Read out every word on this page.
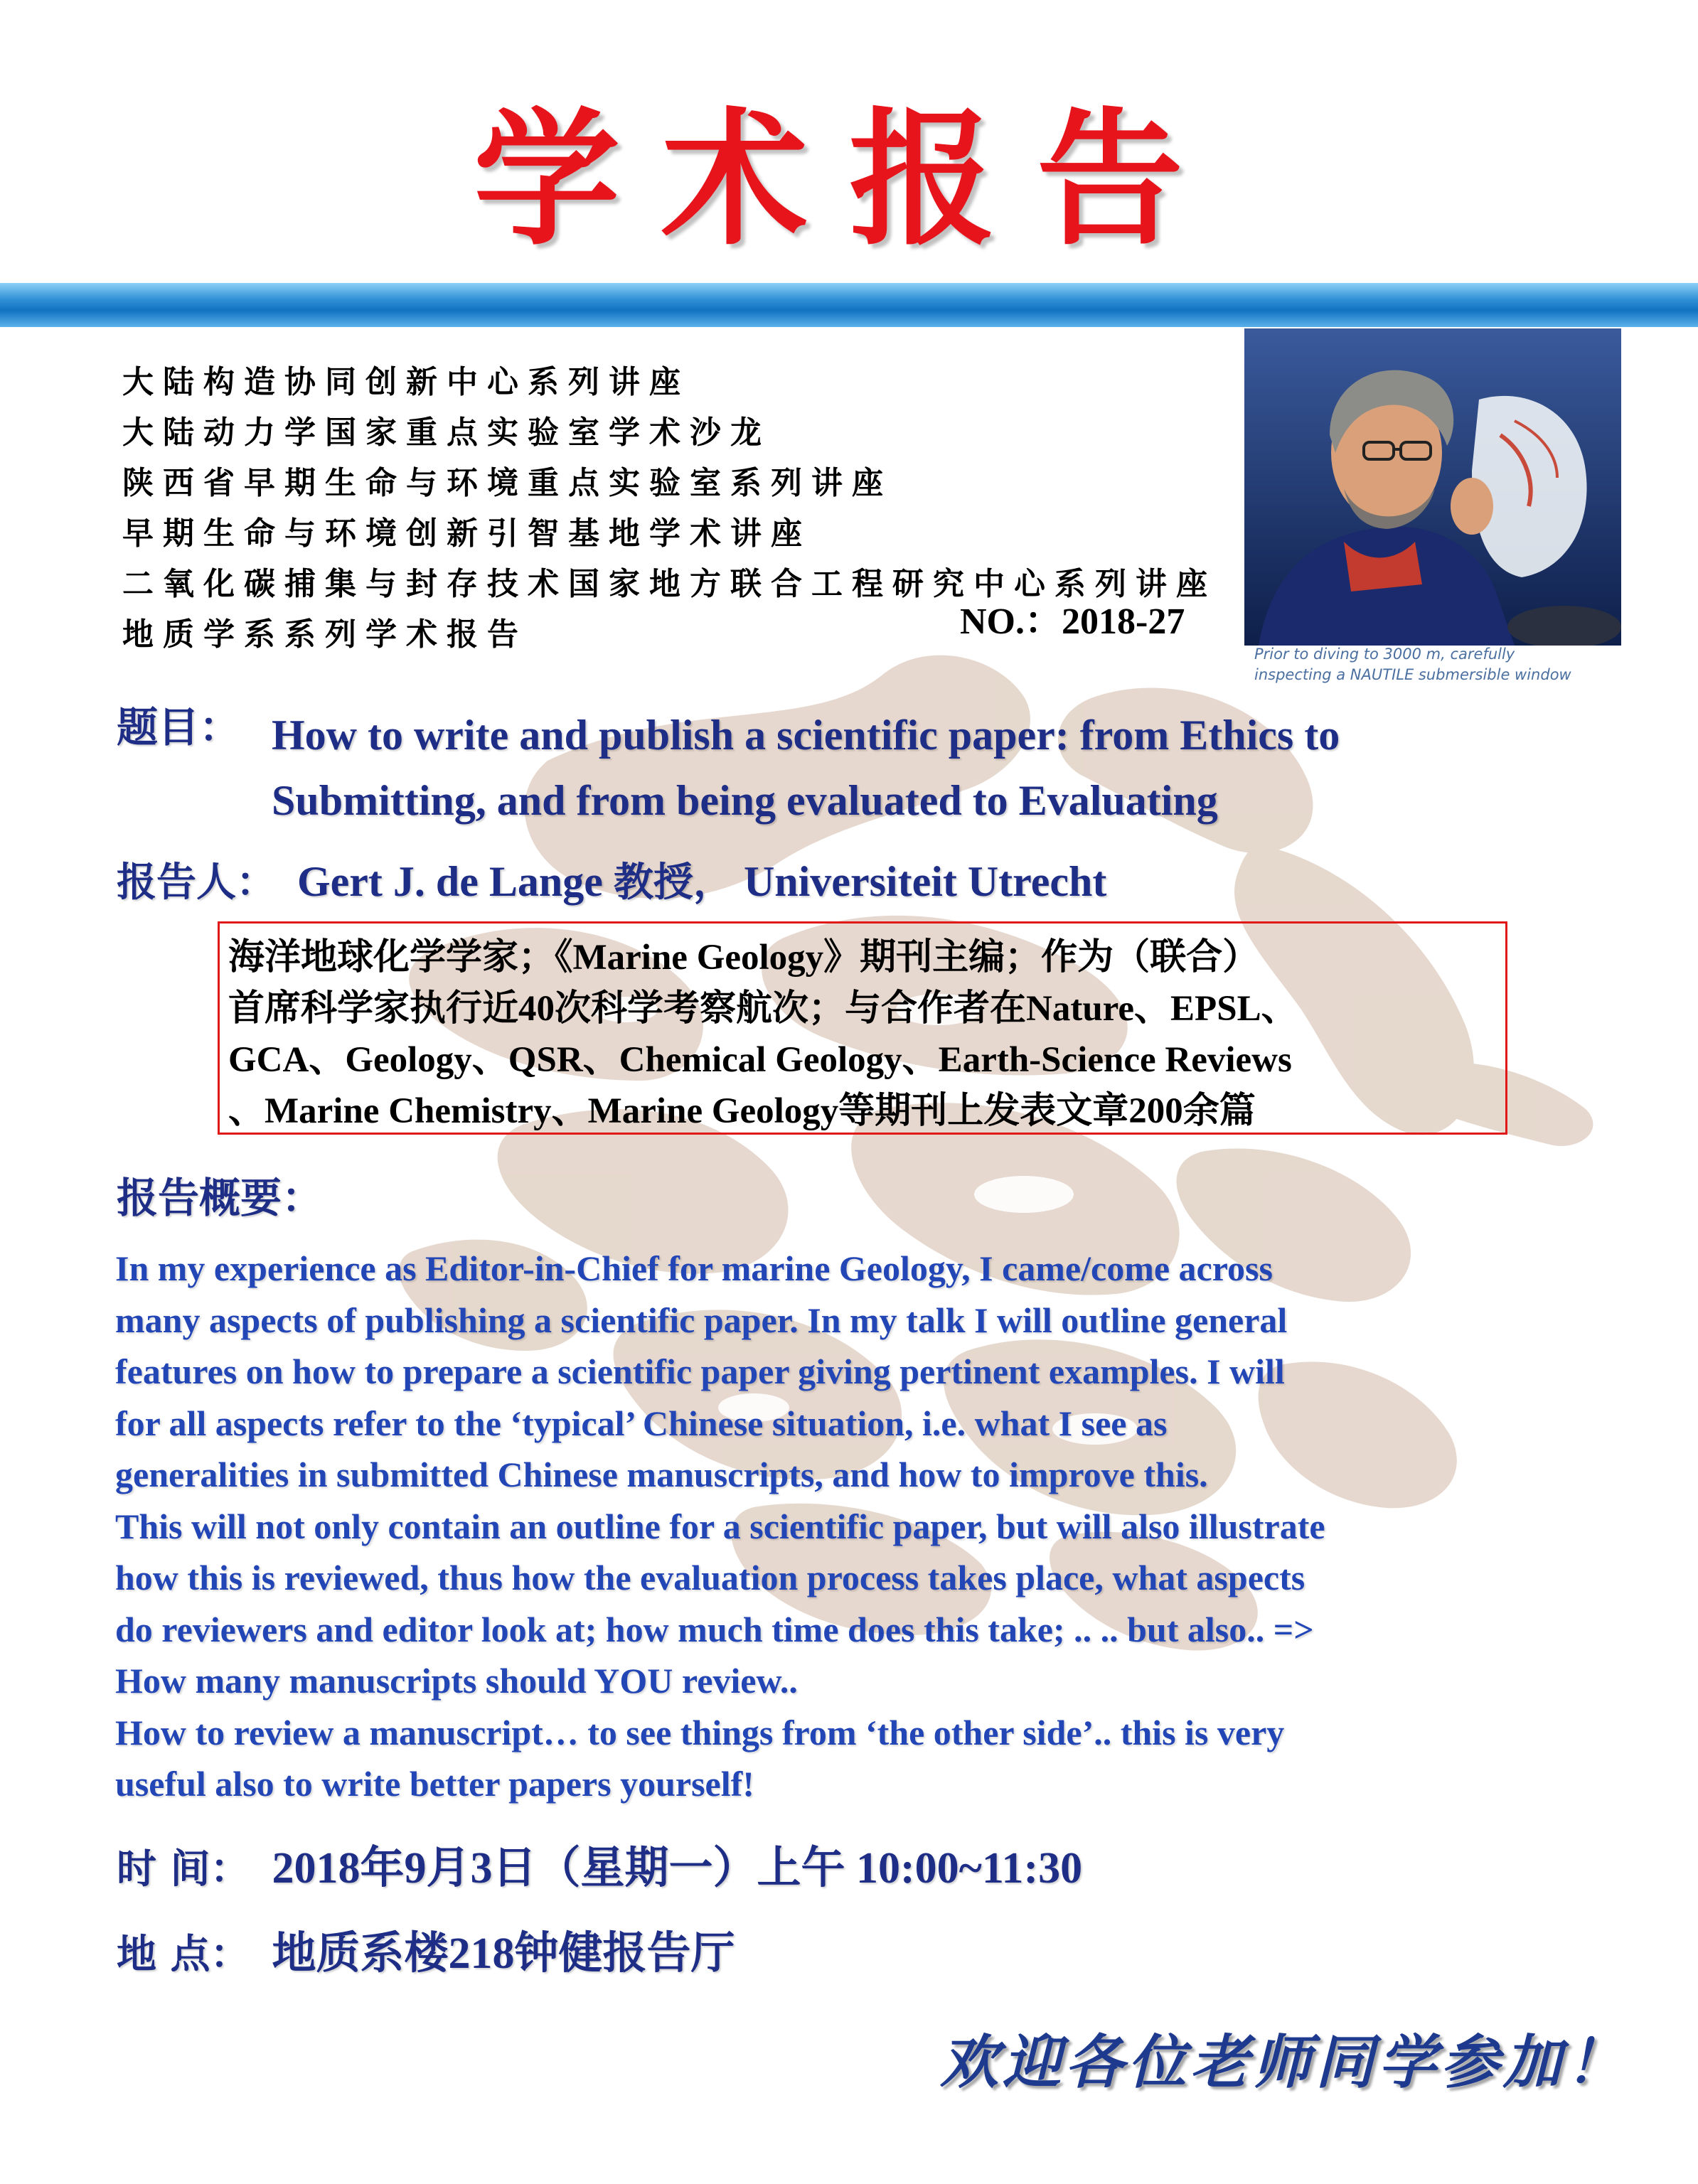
学术报告
大陆构造协同创新中心系列讲座
大陆动力学国家重点实验室学术沙龙
陕西省早期生命与环境重点实验室系列讲座
早期生命与环境创新引智基地学术讲座
二氧化碳捕集与封存技术国家地方联合工程研究中心系列讲座
地质学系系列学术报告	NO.：2018-27
Prior to diving to 3000 m, carefully
inspecting a NAUTILE submersible window
题目： How to write and publish a scientific paper: from Ethics to
Submitting, and from being evaluated to Evaluating
报告人： Gert J. de Lange 教授， Universiteit Utrecht
海洋地球化学学家；《Marine Geology》期刊主编；作为（联合）
首席科学家执行近40次科学考察航次；与合作者在Nature、EPSL、
GCA、Geology、QSR、Chemical Geology、Earth-Science Reviews
、Marine Chemistry、Marine Geology等期刊上发表文章200余篇
报告概要：
In my experience as Editor-in-Chief for marine Geology, I came/come across
many aspects of publishing a scientific paper. In my talk I will outline general
features on how to prepare a scientific paper giving pertinent examples. I will
for all aspects refer to the ‘typical’ Chinese situation, i.e. what I see as
generalities in submitted Chinese manuscripts, and how to improve this.
This will not only contain an outline for a scientific paper, but will also illustrate
how this is reviewed, thus how the evaluation process takes place, what aspects
do reviewers and editor look at; how much time does this take; .. .. but also.. =>
How many manuscripts should YOU review..
How to review a manuscript… to see things from ‘the other side’.. this is very
useful also to write better papers yourself!
时 间： 2018年9月3日（星期一）上午 10:00~11:30
地 点： 地质系楼218钟健报告厅
欢迎各位老师同学参加！
